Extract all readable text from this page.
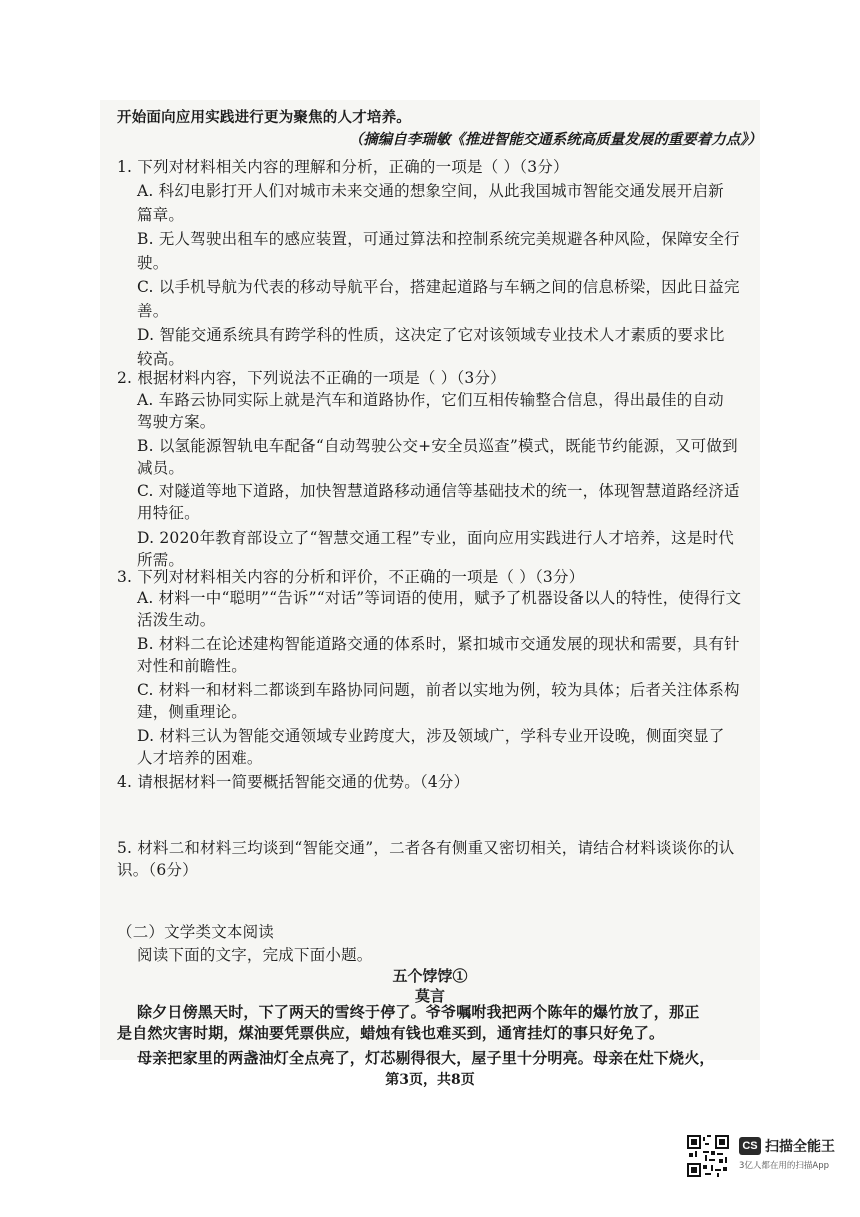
开始面向应用实践进行更为聚焦的人才培养。
（摘编自李瑞敏《推进智能交通系统高质量发展的重要着力点》）
1. 下列对材料相关内容的理解和分析，正确的一项是（ ）（3分）
A. 科幻电影打开人们对城市未来交通的想象空间，从此我国城市智能交通发展开启新
篇章。
B. 无人驾驶出租车的感应装置，可通过算法和控制系统完美规避各种风险，保障安全行
驶。
C. 以手机导航为代表的移动导航平台，搭建起道路与车辆之间的信息桥梁，因此日益完
善。
D. 智能交通系统具有跨学科的性质，这决定了它对该领域专业技术人才素质的要求比
较高。
2. 根据材料内容，下列说法不正确的一项是（ ）（3分）
A. 车路云协同实际上就是汽车和道路协作，它们互相传输整合信息，得出最佳的自动
驾驶方案。
B. 以氢能源智轨电车配备“自动驾驶公交+安全员巡查”模式，既能节约能源，又可做到
减员。
C. 对隧道等地下道路，加快智慧道路移动通信等基础技术的统一，体现智慧道路经济适
用特征。
D. 2020年教育部设立了“智慧交通工程”专业，面向应用实践进行人才培养，这是时代
所需。
3. 下列对材料相关内容的分析和评价，不正确的一项是（ ）（3分）
A. 材料一中“聪明”“告诉”“对话”等词语的使用，赋予了机器设备以人的特性，使得行文
活泼生动。
B. 材料二在论述建构智能道路交通的体系时，紧扣城市交通发展的现状和需要，具有针
对性和前瞻性。
C. 材料一和材料二都谈到车路协同问题，前者以实地为例，较为具体；后者关注体系构
建，侧重理论。
D. 材料三认为智能交通领域专业跨度大，涉及领域广，学科专业开设晚，侧面突显了
人才培养的困难。
4. 请根据材料一简要概括智能交通的优势。（4分）
5. 材料二和材料三均谈到“智能交通”，二者各有侧重又密切相关，请结合材料谈谈你的认
识。（6分）
（二）文学类文本阅读
阅读下面的文字，完成下面小题。
五个饽饽①
莫言
除夕日傍黑天时，下了两天的雪终于停了。爷爷嘱咐我把两个陈年的爆竹放了，那正
是自然灾害时期，煤油要凭票供应，蜡烛有钱也难买到，通宵挂灯的事只好免了。
母亲把家里的两盏油灯全点亮了，灯芯剔得很大，屋子里十分明亮。母亲在灶下烧火，
第3页，共8页
CS 扫描全能王
3亿人都在用的扫描App
